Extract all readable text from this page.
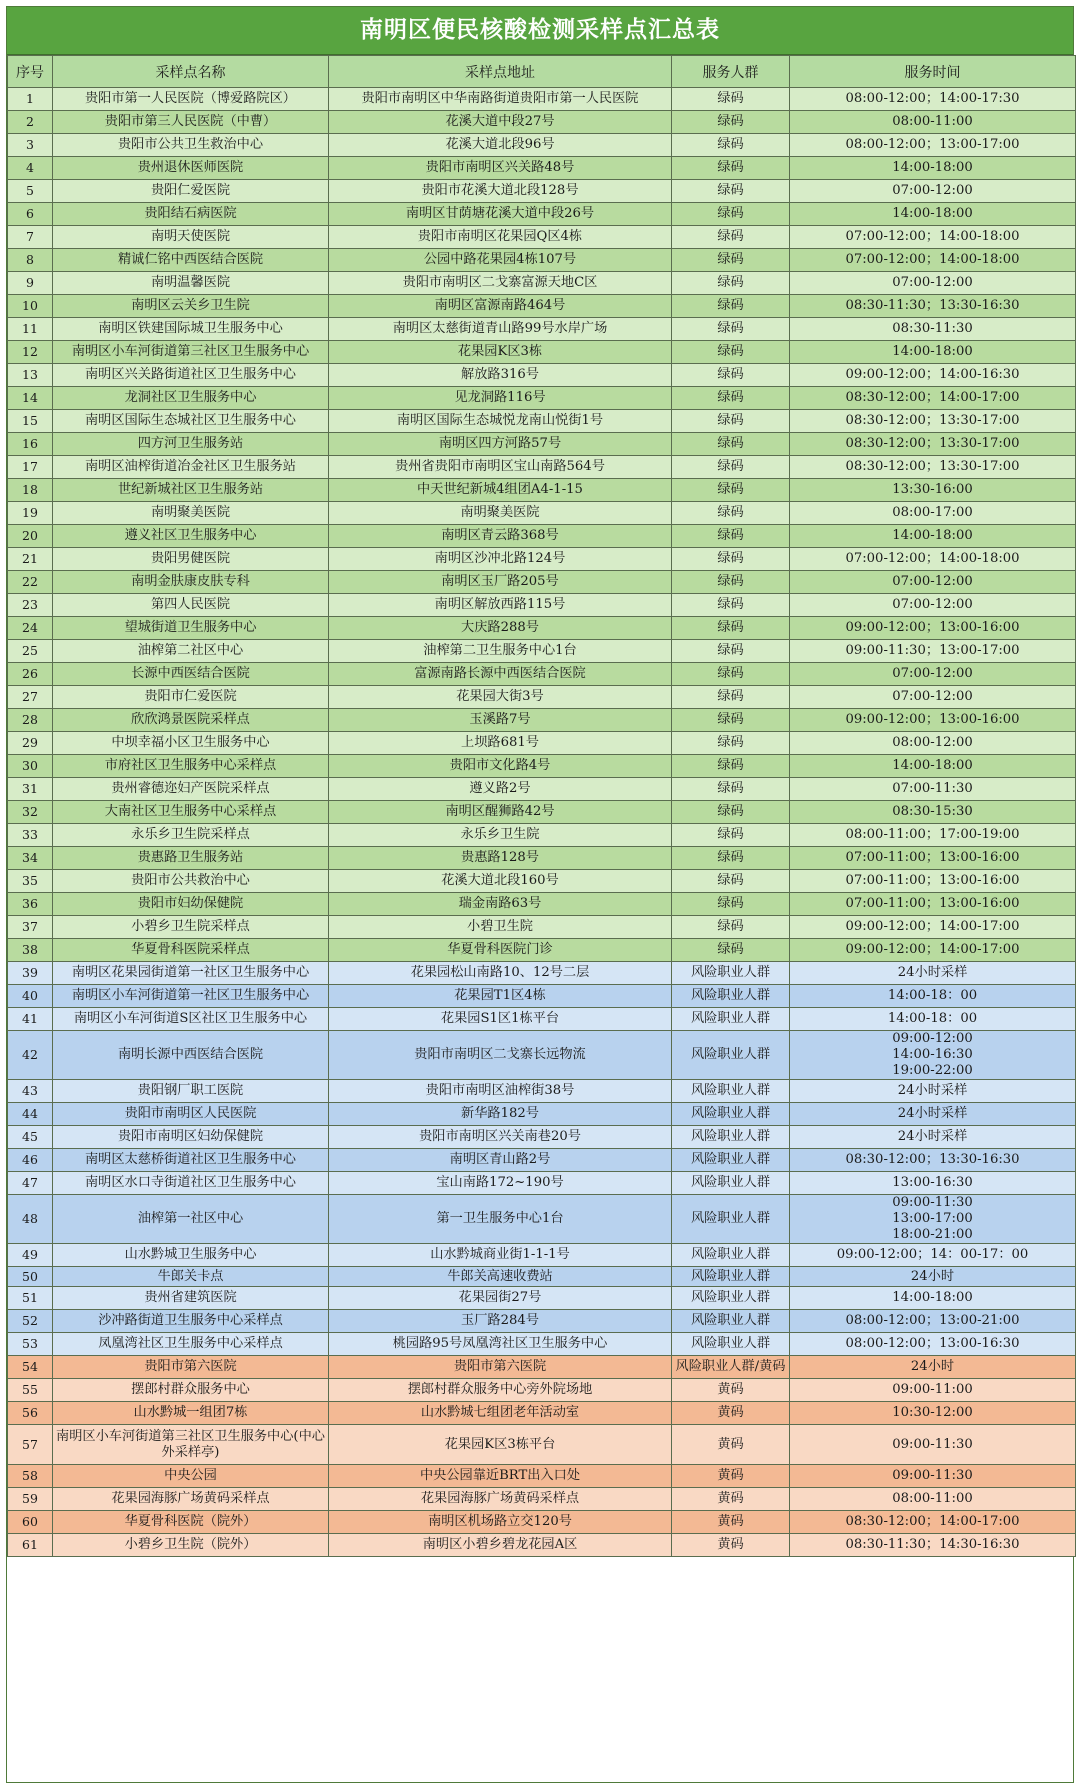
南明区便民核酸检测采样点汇总表
序号	采样点名称	采样点地址	服务人群	服务时间
1	贵阳市第一人民医院（博爱路院区）	贵阳市南明区中华南路街道贵阳市第一人民医院	绿码	08:00-12:00；14:00-17:30
2	贵阳市第三人民医院（中曹）	花溪大道中段27号	绿码	08:00-11:00
3	贵阳市公共卫生救治中心	花溪大道北段96号	绿码	08:00-12:00；13:00-17:00
4	贵州退休医师医院	贵阳市南明区兴关路48号	绿码	14:00-18:00
5	贵阳仁爱医院	贵阳市花溪大道北段128号	绿码	07:00-12:00
6	贵阳结石病医院	南明区甘荫塘花溪大道中段26号	绿码	14:00-18:00
7	南明天使医院	贵阳市南明区花果园Q区4栋	绿码	07:00-12:00；14:00-18:00
8	精诚仁铭中西医结合医院	公园中路花果园4栋107号	绿码	07:00-12:00；14:00-18:00
9	南明温馨医院	贵阳市南明区二戈寨富源天地C区	绿码	07:00-12:00
10	南明区云关乡卫生院	南明区富源南路464号	绿码	08:30-11:30；13:30-16:30
11	南明区铁建国际城卫生服务中心	南明区太慈街道青山路99号水岸广场	绿码	08:30-11:30
12	南明区小车河街道第三社区卫生服务中心	花果园K区3栋	绿码	14:00-18:00
13	南明区兴关路街道社区卫生服务中心	解放路316号	绿码	09:00-12:00；14:00-16:30
14	龙洞社区卫生服务中心	见龙洞路116号	绿码	08:30-12:00；14:00-17:00
15	南明区国际生态城社区卫生服务中心	南明区国际生态城悦龙南山悦街1号	绿码	08:30-12:00；13:30-17:00
16	四方河卫生服务站	南明区四方河路57号	绿码	08:30-12:00；13:30-17:00
17	南明区油榨街道冶金社区卫生服务站	贵州省贵阳市南明区宝山南路564号	绿码	08:30-12:00；13:30-17:00
18	世纪新城社区卫生服务站	中天世纪新城4组团A4-1-15	绿码	13:30-16:00
19	南明聚美医院	南明聚美医院	绿码	08:00-17:00
20	遵义社区卫生服务中心	南明区青云路368号	绿码	14:00-18:00
21	贵阳男健医院	南明区沙冲北路124号	绿码	07:00-12:00；14:00-18:00
22	南明金肤康皮肤专科	南明区玉厂路205号	绿码	07:00-12:00
23	第四人民医院	南明区解放西路115号	绿码	07:00-12:00
24	望城街道卫生服务中心	大庆路288号	绿码	09:00-12:00；13:00-16:00
25	油榨第二社区中心	油榨第二卫生服务中心1台	绿码	09:00-11:30；13:00-17:00
26	长源中西医结合医院	富源南路长源中西医结合医院	绿码	07:00-12:00
27	贵阳市仁爱医院	花果园大街3号	绿码	07:00-12:00
28	欣欣鸿景医院采样点	玉溪路7号	绿码	09:00-12:00；13:00-16:00
29	中坝幸福小区卫生服务中心	上坝路681号	绿码	08:00-12:00
30	市府社区卫生服务中心采样点	贵阳市文化路4号	绿码	14:00-18:00
31	贵州睿德迩妇产医院采样点	遵义路2号	绿码	07:00-11:30
32	大南社区卫生服务中心采样点	南明区醒狮路42号	绿码	08:30-15:30
33	永乐乡卫生院采样点	永乐乡卫生院	绿码	08:00-11:00；17:00-19:00
34	贵惠路卫生服务站	贵惠路128号	绿码	07:00-11:00；13:00-16:00
35	贵阳市公共救治中心	花溪大道北段160号	绿码	07:00-11:00；13:00-16:00
36	贵阳市妇幼保健院	瑞金南路63号	绿码	07:00-11:00；13:00-16:00
37	小碧乡卫生院采样点	小碧卫生院	绿码	09:00-12:00；14:00-17:00
38	华夏骨科医院采样点	华夏骨科医院门诊	绿码	09:00-12:00；14:00-17:00
39	南明区花果园街道第一社区卫生服务中心	花果园松山南路10、12号二层	风险职业人群	24小时采样
40	南明区小车河街道第一社区卫生服务中心	花果园T1区4栋	风险职业人群	14:00-18：00
41	南明区小车河街道S区社区卫生服务中心	花果园S1区1栋平台	风险职业人群	14:00-18：00
42	南明长源中西医结合医院	贵阳市南明区二戈寨长远物流	风险职业人群	09:00-12:00
14:00-16:30
19:00-22:00
43	贵阳钢厂职工医院	贵阳市南明区油榨街38号	风险职业人群	24小时采样
44	贵阳市南明区人民医院	新华路182号	风险职业人群	24小时采样
45	贵阳市南明区妇幼保健院	贵阳市南明区兴关南巷20号	风险职业人群	24小时采样
46	南明区太慈桥街道社区卫生服务中心	南明区青山路2号	风险职业人群	08:30-12:00；13:30-16:30
47	南明区水口寺街道社区卫生服务中心	宝山南路172~190号	风险职业人群	13:00-16:30
48	油榨第一社区中心	第一卫生服务中心1台	风险职业人群	09:00-11:30
13:00-17:00
18:00-21:00
49	山水黔城卫生服务中心	山水黔城商业街1-1-1号	风险职业人群	09:00-12:00；14：00-17：00
50	牛郎关卡点	牛郎关高速收费站	风险职业人群	24小时
51	贵州省建筑医院	花果园街27号	风险职业人群	14:00-18:00
52	沙冲路街道卫生服务中心采样点	玉厂路284号	风险职业人群	08:00-12:00；13:00-21:00
53	凤凰湾社区卫生服务中心采样点	桃园路95号凤凰湾社区卫生服务中心	风险职业人群	08:00-12:00；13:00-16:30
54	贵阳市第六医院	贵阳市第六医院	风险职业人群/黄码	24小时
55	摆郎村群众服务中心	摆郎村群众服务中心旁外院场地	黄码	09:00-11:00
56	山水黔城一组团7栋	山水黔城七组团老年活动室	黄码	10:30-12:00
57	南明区小车河街道第三社区卫生服务中心(中心外采样亭)	花果园K区3栋平台	黄码	09:00-11:30
58	中央公园	中央公园靠近BRT出入口处	黄码	09:00-11:30
59	花果园海豚广场黄码采样点	花果园海豚广场黄码采样点	黄码	08:00-11:00
60	华夏骨科医院（院外）	南明区机场路立交120号	黄码	08:30-12:00；14:00-17:00
61	小碧乡卫生院（院外）	南明区小碧乡碧龙花园A区	黄码	08:30-11:30；14:30-16:30
